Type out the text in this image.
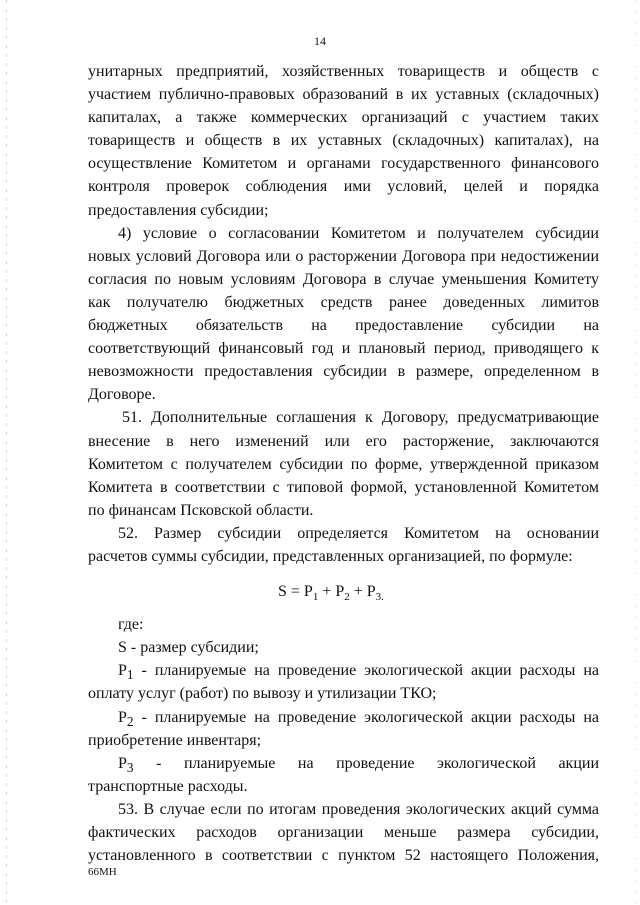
14
унитарных предприятий, хозяйственных товариществ и обществ с
участием публично-правовых образований в их уставных (складочных)
капиталах, а также коммерческих организаций с участием таких
товариществ и обществ в их уставных (складочных) капиталах), на
осуществление Комитетом и органами государственного финансового
контроля проверок соблюдения ими условий, целей и порядка
предоставления субсидии;
4) условие о согласовании Комитетом и получателем субсидии
новых условий Договора или о расторжении Договора при недостижении
согласия по новым условиям Договора в случае уменьшения Комитету
как получателю бюджетных средств ранее доведенных лимитов
бюджетных обязательств на предоставление субсидии на
соответствующий финансовый год и плановый период, приводящего к
невозможности предоставления субсидии в размере, определенном в
Договоре.
51. Дополнительные соглашения к Договору, предусматривающие
внесение в него изменений или его расторжение, заключаются
Комитетом с получателем субсидии по форме, утвержденной приказом
Комитета в соответствии с типовой формой, установленной Комитетом
по финансам Псковской области.
52. Размер субсидии определяется Комитетом на основании
расчетов суммы субсидии, представленных организацией, по формуле:
$S = P_1 + P_2 + P_{3.}$
где:
S - размер субсидии;
$P_1$ - планируемые на проведение экологической акции расходы на
оплату услуг (работ) по вывозу и утилизации ТКО;
$P_2$ - планируемые на проведение экологической акции расходы на
приобретение инвентаря;
$P_3$ - планируемые на проведение экологической акции
транспортные расходы.
53. В случае если по итогам проведения экологических акций сумма
фактических расходов организации меньше размера субсидии,
установленного в соответствии с пунктом 52 настоящего Положения,
66МН
